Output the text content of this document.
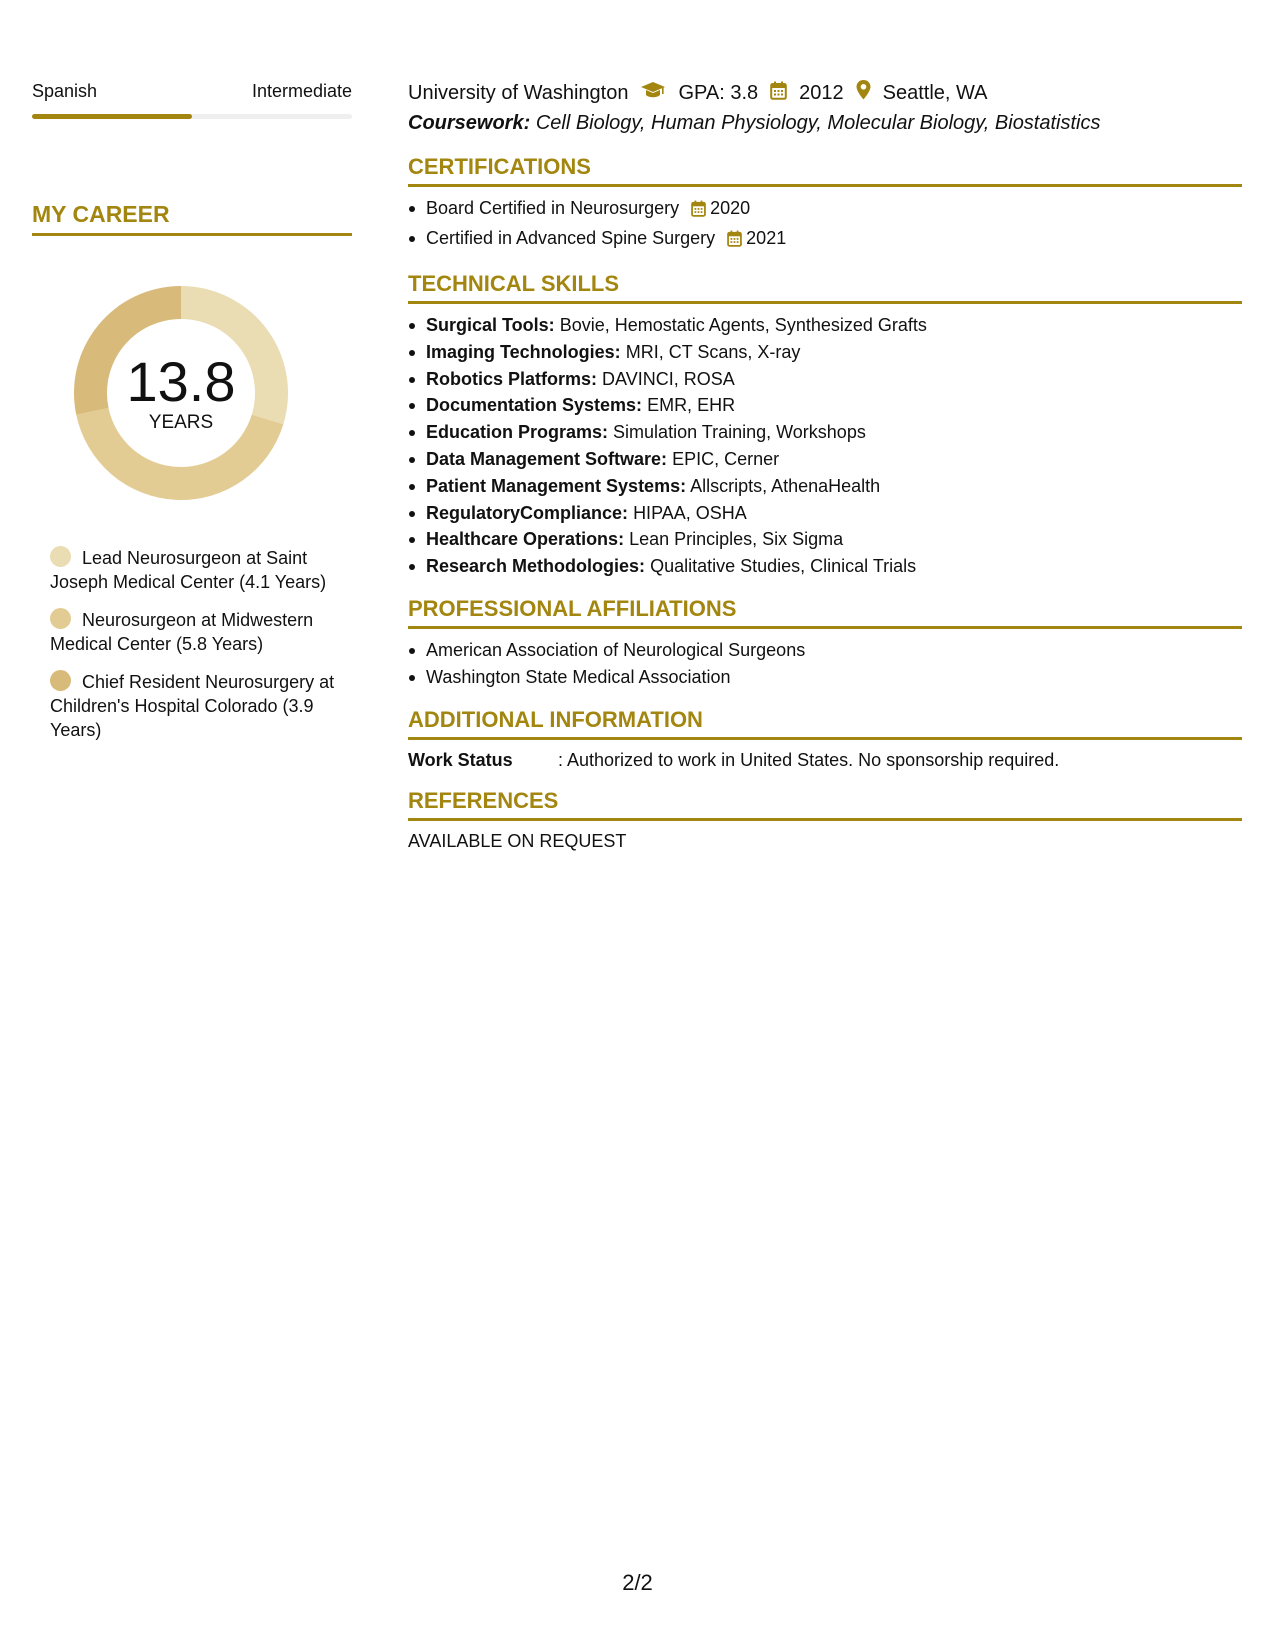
Spanish	Intermediate
MY CAREER
13.8
YEARS
Lead Neurosurgeon at Saint Joseph Medical Center (4.1 Years)
Neurosurgeon at Midwestern Medical Center (5.8 Years)
Chief Resident Neurosurgery at Children's Hospital Colorado (3.9 Years)
University of Washington	GPA: 3.8 2012 Seattle, WA
Coursework: Cell Biology, Human Physiology, Molecular Biology, Biostatistics
CERTIFICATIONS
Board Certified in Neurosurgery 2020
Certified in Advanced Spine Surgery 2021
TECHNICAL SKILLS
Surgical Tools: Bovie, Hemostatic Agents, Synthesized Grafts
Imaging Technologies: MRI, CT Scans, X-ray
Robotics Platforms: DAVINCI, ROSA
Documentation Systems: EMR, EHR
Education Programs: Simulation Training, Workshops
Data Management Software: EPIC, Cerner
Patient Management Systems: Allscripts, AthenaHealth
RegulatoryCompliance: HIPAA, OSHA
Healthcare Operations: Lean Principles, Six Sigma
Research Methodologies: Qualitative Studies, Clinical Trials
PROFESSIONAL AFFILIATIONS
American Association of Neurological Surgeons
Washington State Medical Association
ADDITIONAL INFORMATION
Work Status	: Authorized to work in United States. No sponsorship required.
REFERENCES
AVAILABLE ON REQUEST
2/2
